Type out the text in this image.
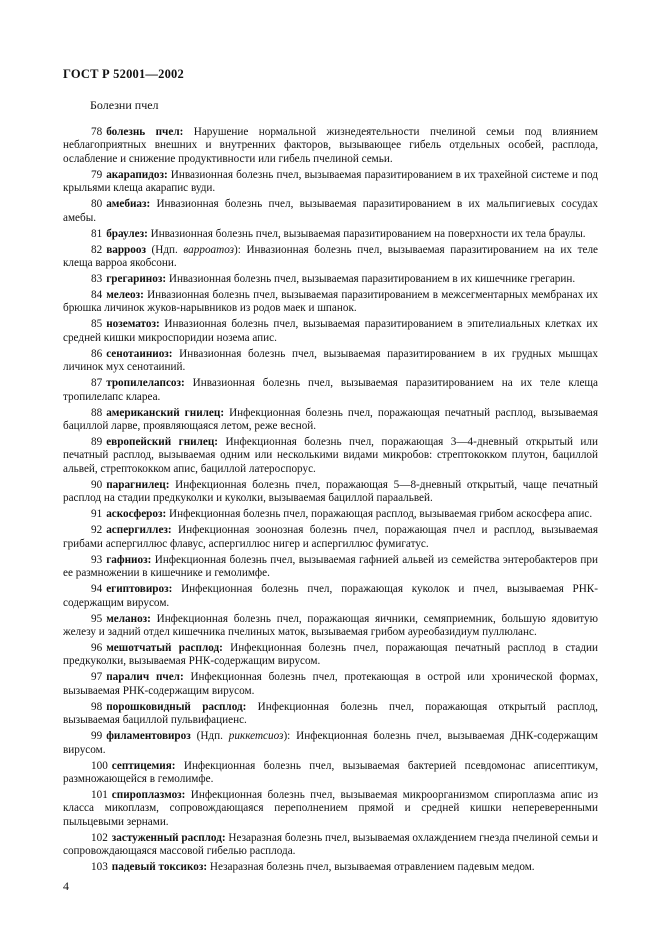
ГОСТ Р 52001—2002
Болезни пчел

78 болезнь пчел: Нарушение нормальной жизнедеятельности пчелиной семьи под влиянием неблагоприятных внешних и внутренних факторов, вызывающее гибель отдельных особей, расплода, ослабление и снижение продуктивности или гибель пчелиной семьи.

79 акарапидоз: Инвазионная болезнь пчел, вызываемая паразитированием в их трахейной системе и под крыльями клеща акарапис вуди.

80 амебиаз: Инвазионная болезнь пчел, вызываемая паразитированием в их мальпигиевых сосудах амебы.

81 браулез: Инвазионная болезнь пчел, вызываемая паразитированием на поверхности их тела браулы.

82 варроoз (Ндп. варроатоз): Инвазионная болезнь пчел, вызываемая паразитированием на их теле клеща варроа якобсони.

83 грегариноз: Инвазионная болезнь пчел, вызываемая паразитированием в их кишечнике грегарин.

84 мелеоз: Инвазионная болезнь пчел, вызываемая паразитированием в межсегментарных мембранах их брюшка личинок жуков-нарывников из родов маек и шпанок.

85 нозематоз: Инвазионная болезнь пчел, вызываемая паразитированием в эпителиальных клетках их средней кишки микроспоридии нозема апис.

86 сенотаиниоз: Инвазионная болезнь пчел, вызываемая паразитированием в их грудных мышцах личинок мух сенотаиний.

87 тропилелапсоз: Инвазионная болезнь пчел, вызываемая паразитированием на их теле клеща тропилелапс клареа.

88 американский гнилец: Инфекционная болезнь пчел, поражающая печатный расплод, вызываемая бациллой ларве, проявляющаяся летом, реже весной.

89 европейский гнилец: Инфекционная болезнь пчел, поражающая 3—4-дневный открытый или печатный расплод, вызываемая одним или несколькими видами микробов: стрептококком плутон, бациллой альвей, стрептококком апис, бациллой латероспорус.

90 парагнилец: Инфекционная болезнь пчел, поражающая 5—8-дневный открытый, чаще печатный расплод на стадии предкуколки и куколки, вызываемая бациллой параальвей.

91 аскосфероз: Инфекционная болезнь пчел, поражающая расплод, вызываемая грибом аскосфера апис.

92 аспергиллез: Инфекционная зоонозная болезнь пчел, поражающая пчел и расплод, вызываемая грибами аспергиллюс флавус, аспергиллюс нигер и аспергиллюс фумигатус.

93 гафниоз: Инфекционная болезнь пчел, вызываемая гафнией альвей из семейства энтеробактеров при ее размножении в кишечнике и гемолимфе.

94 египтовироз: Инфекционная болезнь пчел, поражающая куколок и пчел, вызываемая РНК-содержащим вирусом.

95 меланоз: Инфекционная болезнь пчел, поражающая яичники, семяприемник, большую ядовитую железу и задний отдел кишечника пчелиных маток, вызываемая грибом ауреобазидиум пуллюланс.

96 мешотчатый расплод: Инфекционная болезнь пчел, поражающая печатный расплод в стадии предкуколки, вызываемая РНК-содержащим вирусом.

97 паралич пчел: Инфекционная болезнь пчел, протекающая в острой или хронической формах, вызываемая РНК-содержащим вирусом.

98 порошковидный расплод: Инфекционная болезнь пчел, поражающая открытый расплод, вызываемая бациллой пульвифациенс.

99 филаментовироз (Ндп. риккетсиоз): Инфекционная болезнь пчел, вызываемая ДНК-содержащим вирусом.

100 септицемия: Инфекционная болезнь пчел, вызываемая бактерией псевдомонас аписептикум, размножающейся в гемолимфе.

101 спироплазмоз: Инфекционная болезнь пчел, вызываемая микроорганизмом спироплазма апис из класса микоплазм, сопровождающаяся переполнением прямой и средней кишки неперевеpенными пыльцевыми зернами.

102 застуженный расплод: Незаразная болезнь пчел, вызываемая охлаждением гнезда пчелиной семьи и сопровождающаяся массовой гибелью расплода.

103 падевый токсикоз: Незаразная болезнь пчел, вызываемая отравлением падевым медом.

4
